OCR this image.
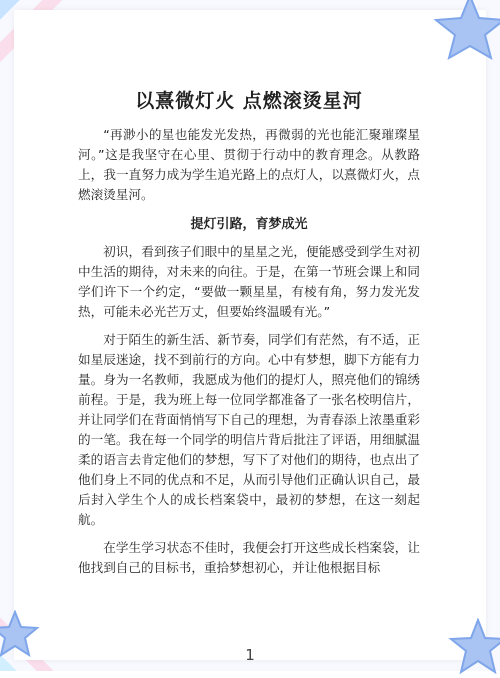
以熹微灯火 点燃滚烫星河

“再渺小的星也能发光发热，再微弱的光也能汇聚璀璨星河。”这是我坚守在心里、贯彻于行动中的教育理念。从教路上，我一直努力成为学生追光路上的点灯人，以熹微灯火，点燃滚烫星河。

提灯引路，育梦成光

初识，看到孩子们眼中的星星之光，便能感受到学生对初中生活的期待，对未来的向往。于是，在第一节班会课上和同学们许下一个约定，“要做一颗星星，有棱有角，努力发光发热，可能未必光芒万丈，但要始终温暖有光。”

对于陌生的新生活、新节奏，同学们有茫然，有不适，正如星辰迷途，找不到前行的方向。心中有梦想，脚下方能有力量。身为一名教师，我愿成为他们的提灯人，照亮他们的锦绣前程。于是，我为班上每一位同学都准备了一张名校明信片，并让同学们在背面悄悄写下自己的理想，为青春添上浓墨重彩的一笔。我在每一个同学的明信片背后批注了评语，用细腻温柔的语言去肯定他们的梦想，写下了对他们的期待，也点出了他们身上不同的优点和不足，从而引导他们正确认识自己，最后封入学生个人的成长档案袋中，最初的梦想，在这一刻起航。

在学生学习状态不佳时，我便会打开这些成长档案袋，让他找到自己的目标书，重拾梦想初心，并让他根据目标

1
